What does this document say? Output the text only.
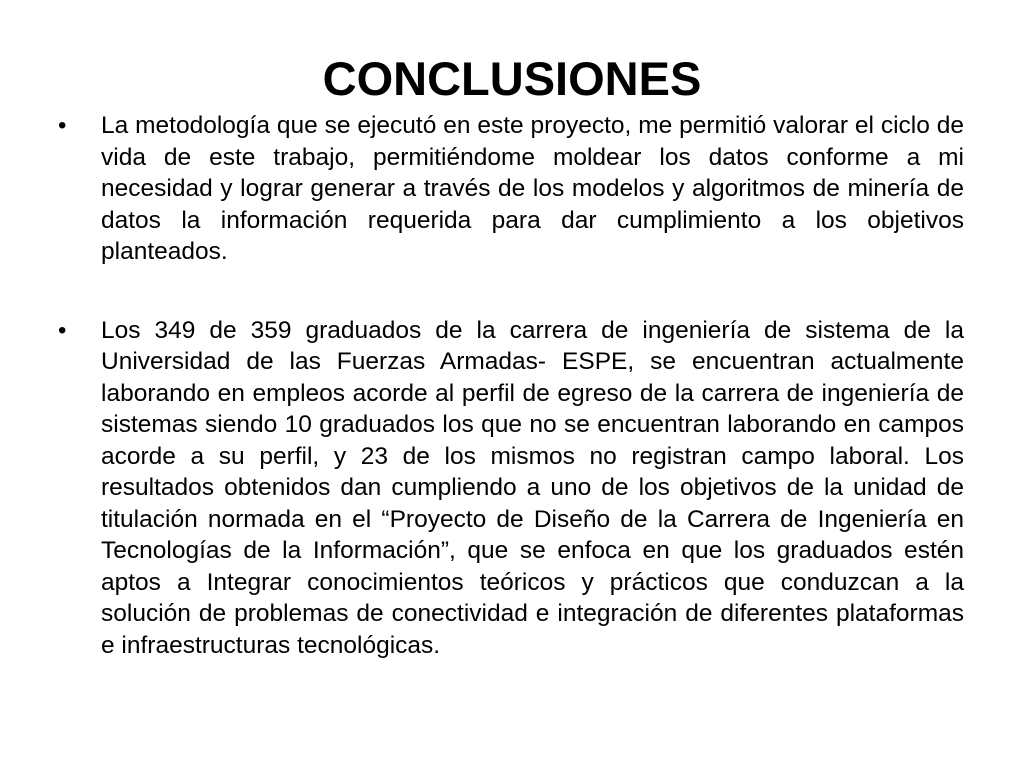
CONCLUSIONES
•	La metodología que se ejecutó en este proyecto, me permitió valorar el ciclo de vida de este trabajo, permitiéndome moldear los datos conforme a mi necesidad y lograr generar a través de los modelos y algoritmos de minería de datos la información requerida para dar cumplimiento a los objetivos planteados.
•	Los 349 de 359 graduados de la carrera de ingeniería de sistema de la Universidad de las Fuerzas Armadas- ESPE, se encuentran actualmente laborando en empleos acorde al perfil de egreso de la carrera de ingeniería de sistemas siendo 10 graduados los que no se encuentran laborando en campos acorde a su perfil, y 23 de los mismos no registran campo laboral. Los resultados obtenidos dan cumpliendo a uno de los objetivos de la unidad de titulación normada en el “Proyecto de Diseño de la Carrera de Ingeniería en Tecnologías de la Información”, que se enfoca en que los graduados estén aptos a Integrar conocimientos teóricos y prácticos que conduzcan a la solución de problemas de conectividad e integración de diferentes plataformas e infraestructuras tecnológicas.
